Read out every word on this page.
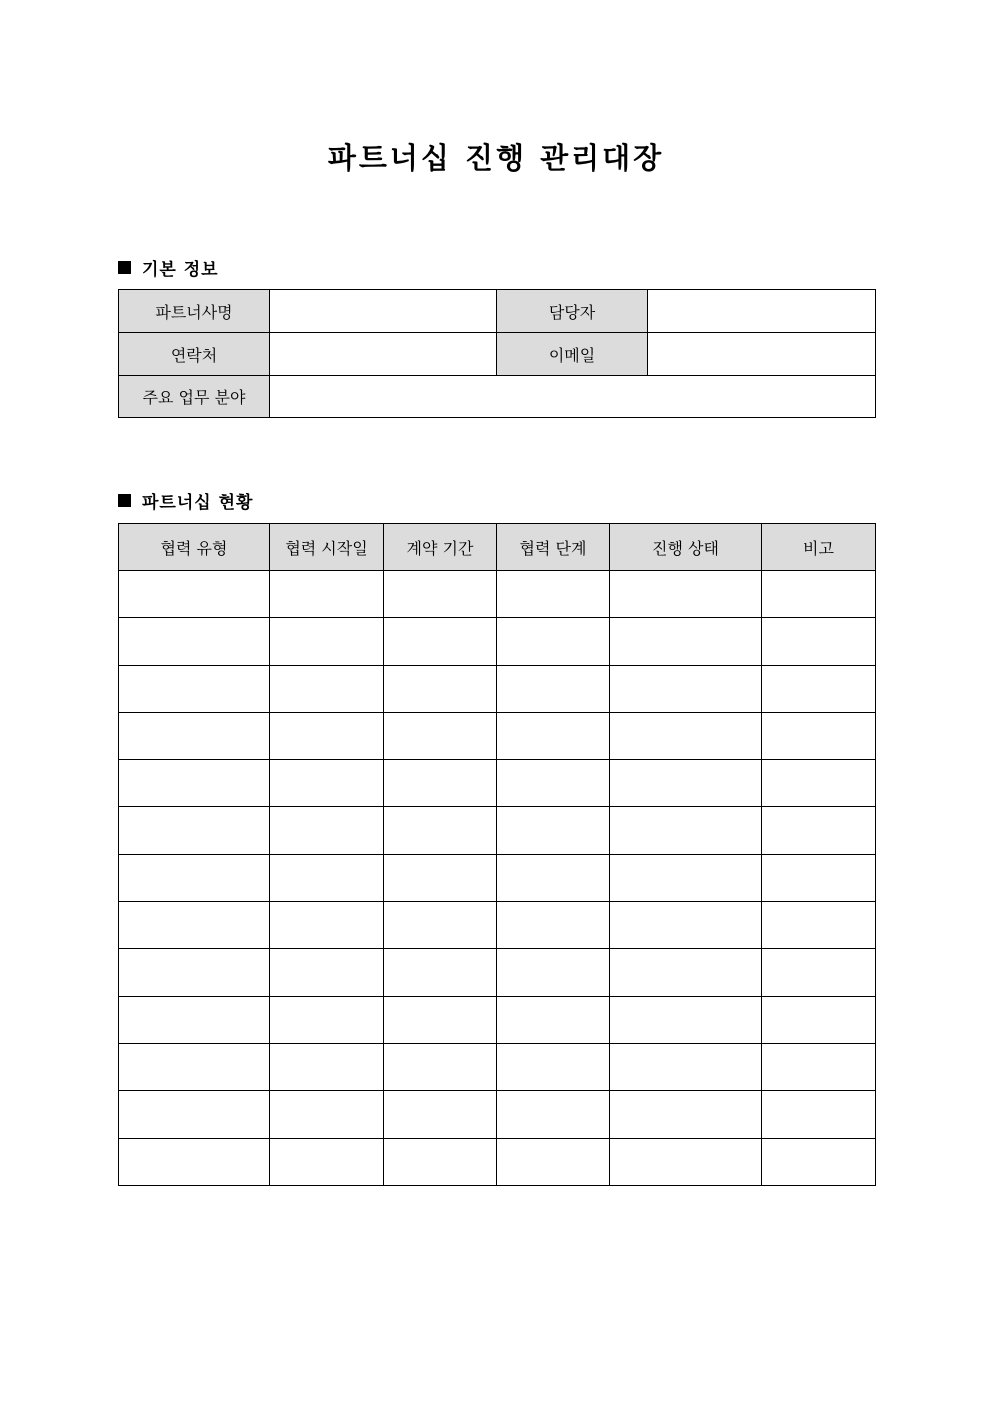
파트너십 진행 관리대장
기본 정보
파트너사명		담당자	
연락처		이메일	
주요 업무 분야			
파트너십 현황
협력 유형	협력 시작일	계약 기간	협력 단계	진행 상태	비고
